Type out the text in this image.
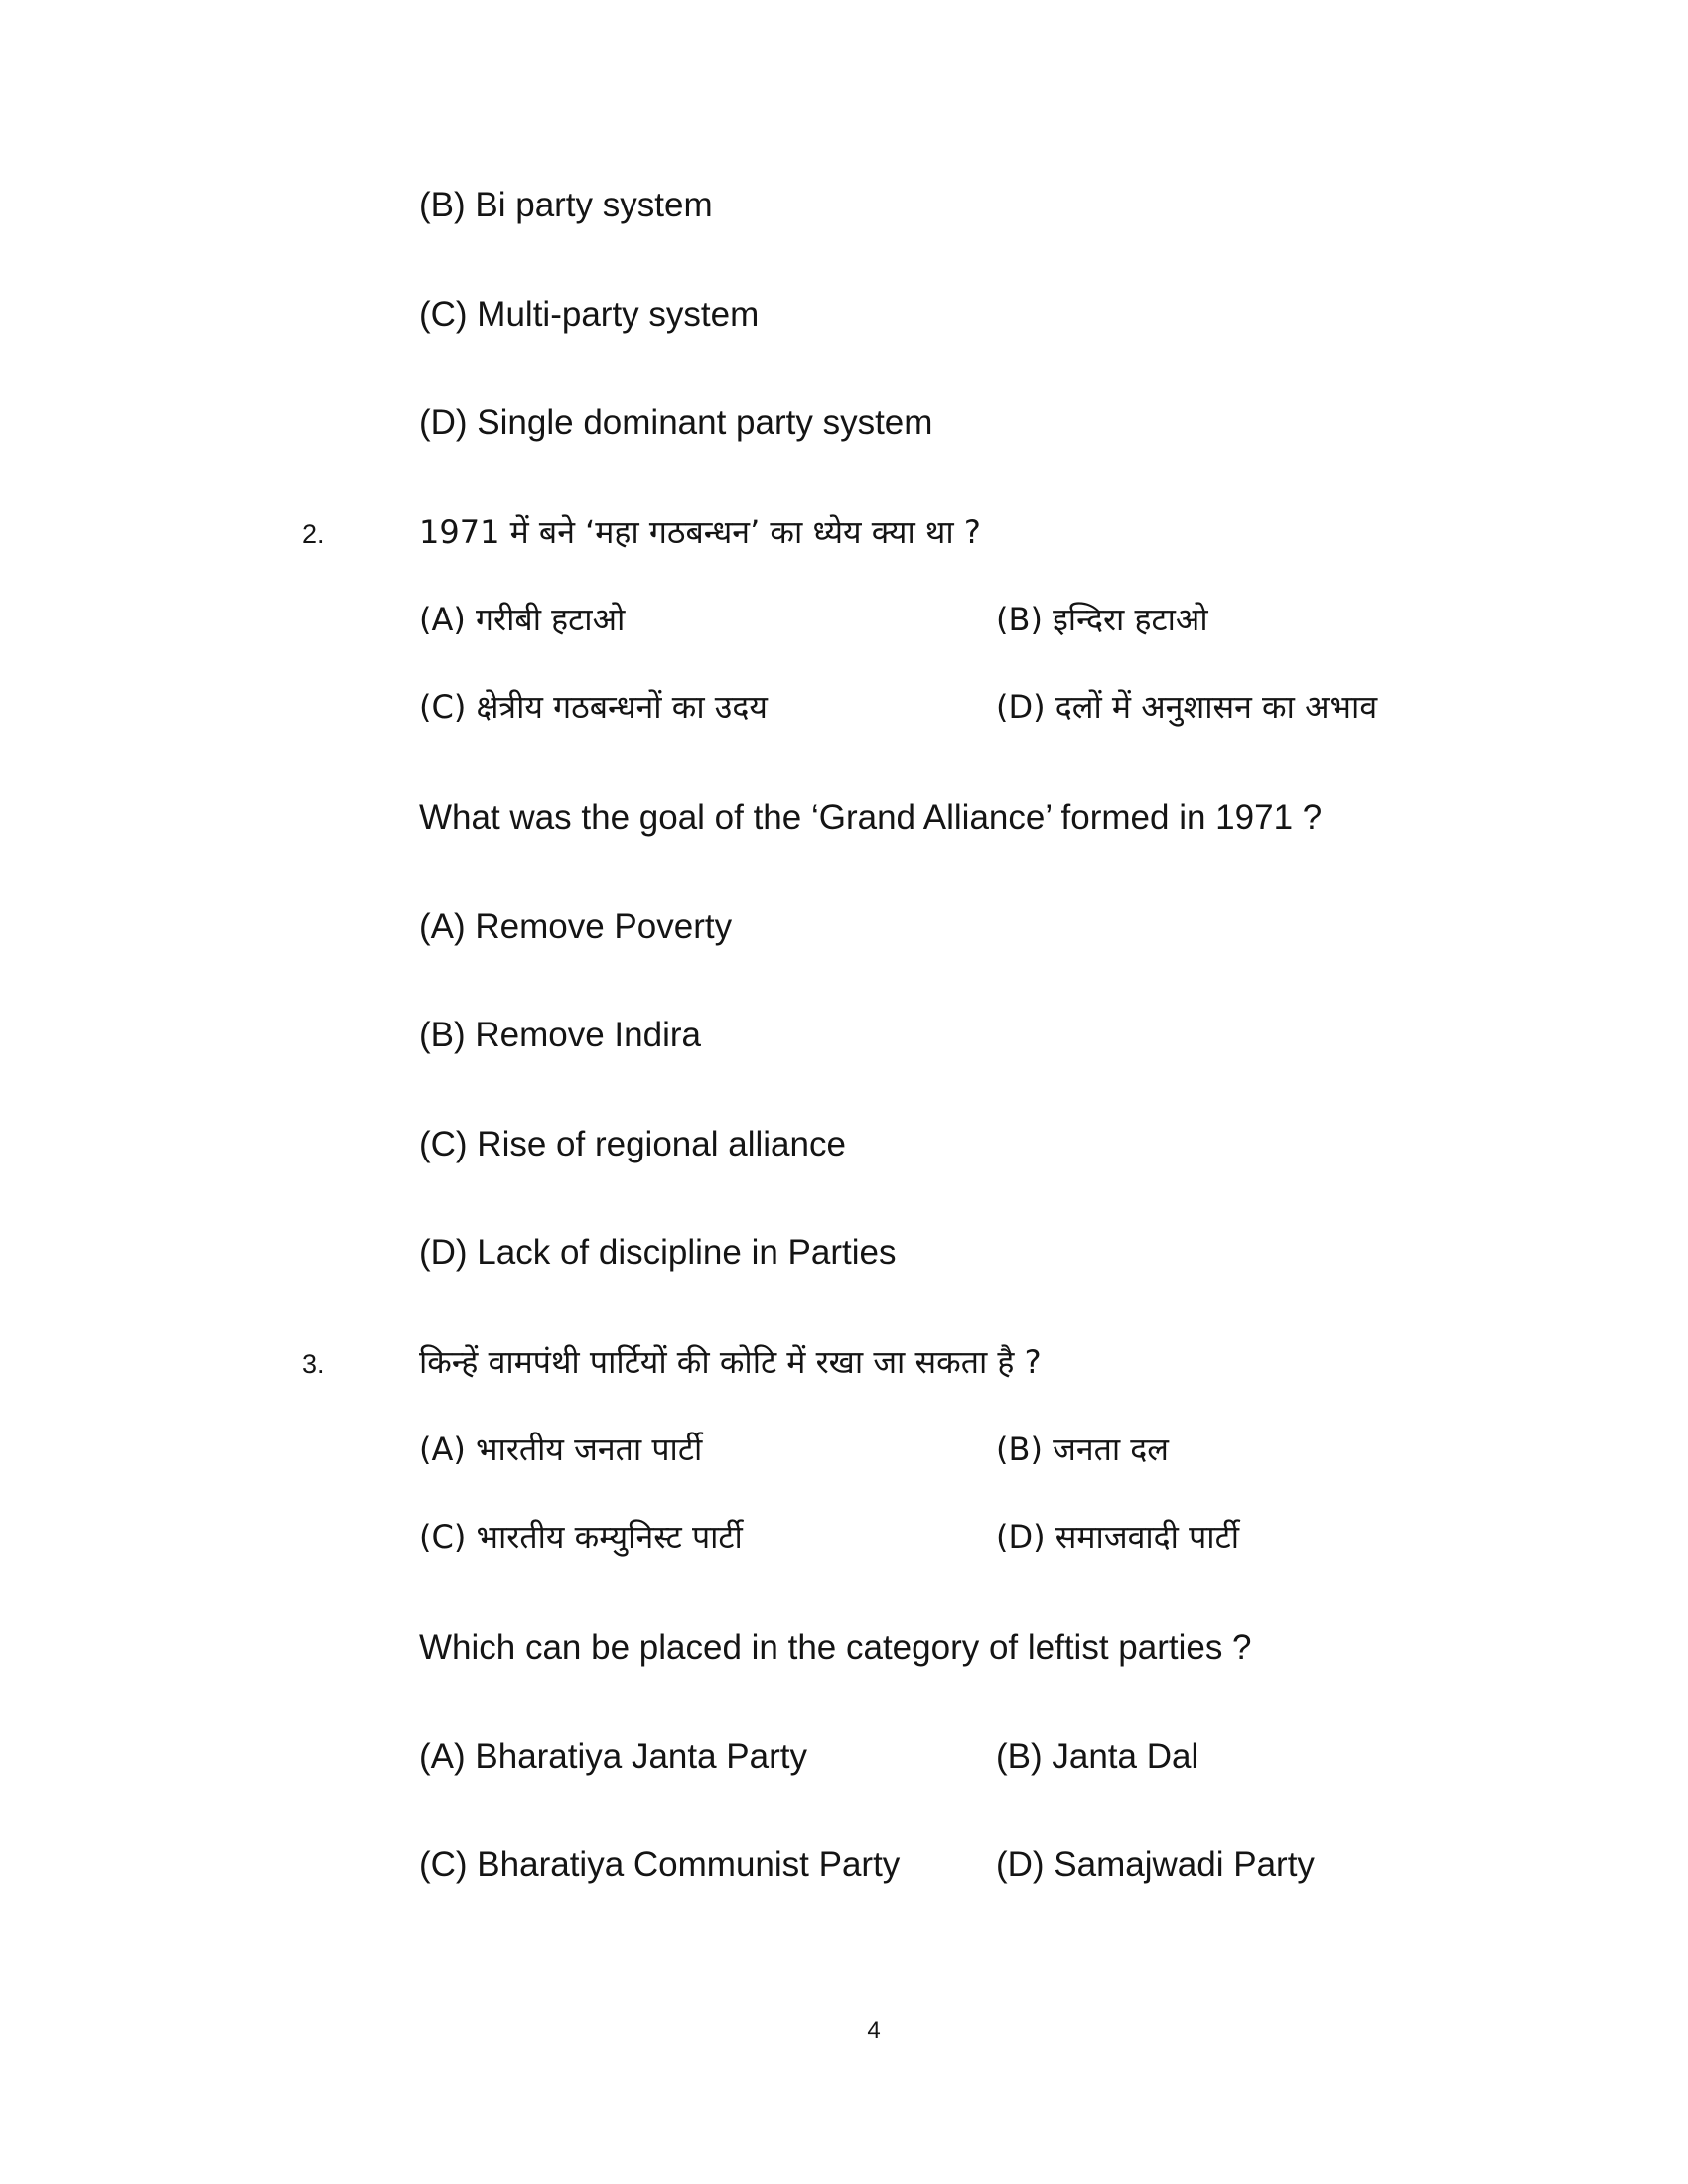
(B) Bi party system
(C) Multi-party system
(D) Single dominant party system
2.	1971 में बने ‘महा गठबन्धन’ का ध्येय क्या था ?
(A) गरीबी हटाओ	(B) इन्दिरा हटाओ
(C) क्षेत्रीय गठबन्धनों का उदय	(D) दलों में अनुशासन का अभाव
What was the goal of the ‘Grand Alliance’ formed in 1971 ?
(A) Remove Poverty
(B) Remove Indira
(C) Rise of regional alliance
(D) Lack of discipline in Parties
3.	किन्हें वामपंथी पार्टियों की कोटि में रखा जा सकता है ?
(A) भारतीय जनता पार्टी	(B) जनता दल
(C) भारतीय कम्युनिस्ट पार्टी	(D) समाजवादी पार्टी
Which can be placed in the category of leftist parties ?
(A) Bharatiya Janta Party	(B) Janta Dal
(C) Bharatiya Communist Party	(D) Samajwadi Party
4
